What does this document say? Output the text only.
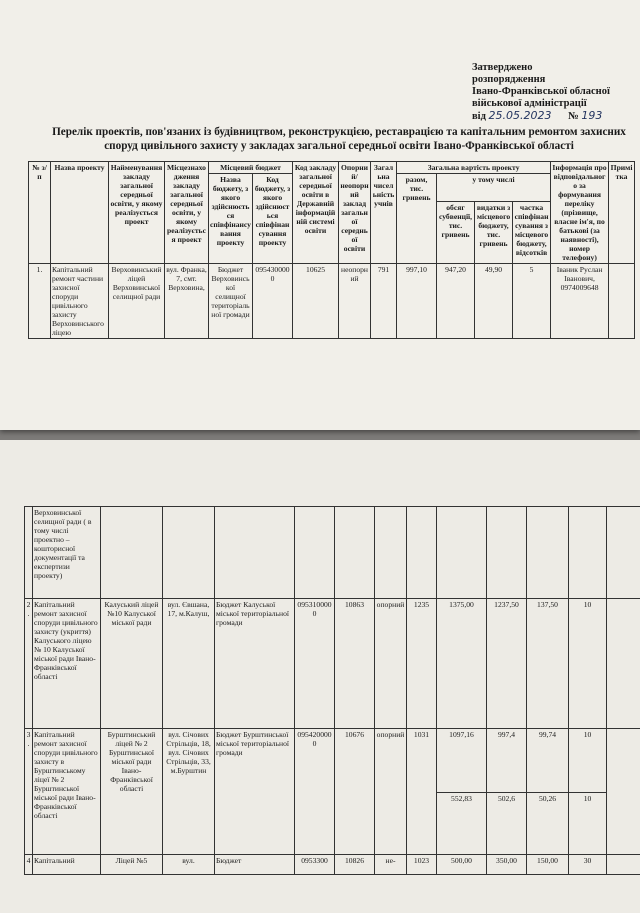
Затверджено
розпорядження
Івано-Франківської обласної
військової адміністрації
від 25.05.2023 № 193
Перелік проектів, пов'язаних із будівництвом, реконструкцією, реставрацією та капітальним ремонтом захисних
споруд цивільного захисту у закладах загальної середньої освіти Івано-Франківської області
№ з/п	Назва проекту	Найменування закладу загальної середньої освіти, у якому реалізується проект	Місцезнаходження закладу загальної середньої освіти, у якому реалізується проект	Місцевий бюджет		Код закладу загальної середньої освіти в Державній інформаційній системі освіти	Опорний/неопорний заклад загальної середньої освіти	Загальна чисельність учнів	Загальна вартість проекту				Інформація про відповідального за формування переліку (прізвище, власне ім'я, по батькові (за наявності), номер телефону)	Примітка
				Назва бюджету, з якого здійснюється співфінансування проекту	Код бюджету, з якого здійснюється співфінансування проекту				разом, тис. гривень	у тому числі				
										обсяг субвенції, тис. гривень	видатки з місцевого бюджету, тис. гривень	частка співфінансування з місцевого бюджету, відсотків		
1.	Капітальний ремонт частини захисної споруди цивільного захисту Верховинського ліцею	Верховинський ліцей Верховинської селищної ради	вул. Франка, 7, смт. Верховина,	Бюджет Верховинської селищної територіальної громади	0954300000	10625	неопорний	791	997,10	947,20	49,90	5	Іваник Руслан Іванович, 0974009648	
	Верховинської селищної ради ( в тому числі проектно – кошторисної документації та експертизи проекту)													
2.	Капітальний ремонт захисної споруди цивільного захисту (укриття) Калуського ліцею № 10 Калуської міської ради Івано-Франківської області	Калуський ліцей №10 Калуської міської ради	вул. Євшана, 17, м.Калуш,	Бюджет Калуської міської територіальної громади	0953100000	10863	опорний	1235	1375,00	1237,50	137,50	10		
3.	Капітальний ремонт захисної споруди цивільного захисту в Бурштинському ліцеї № 2 Бурштинської міської ради Івано-Франківської області	Бурштинський ліцей № 2 Бурштинської міської ради Івано-Франківської області	вул. Січових Стрільців, 18, вул. Січових Стрільців, 33, м.Бурштин	Бюджет Бурштинської міської територіальної громади	0954200000	10676	опорний	1031	1097,16	997,4	99,74	10		
									552,83	502,6	50,26	10		
4	Капітальний	Ліцей №5	вул.	Бюджет	0953300	10826	не-	1023	500,00	350,00	150,00	30		
